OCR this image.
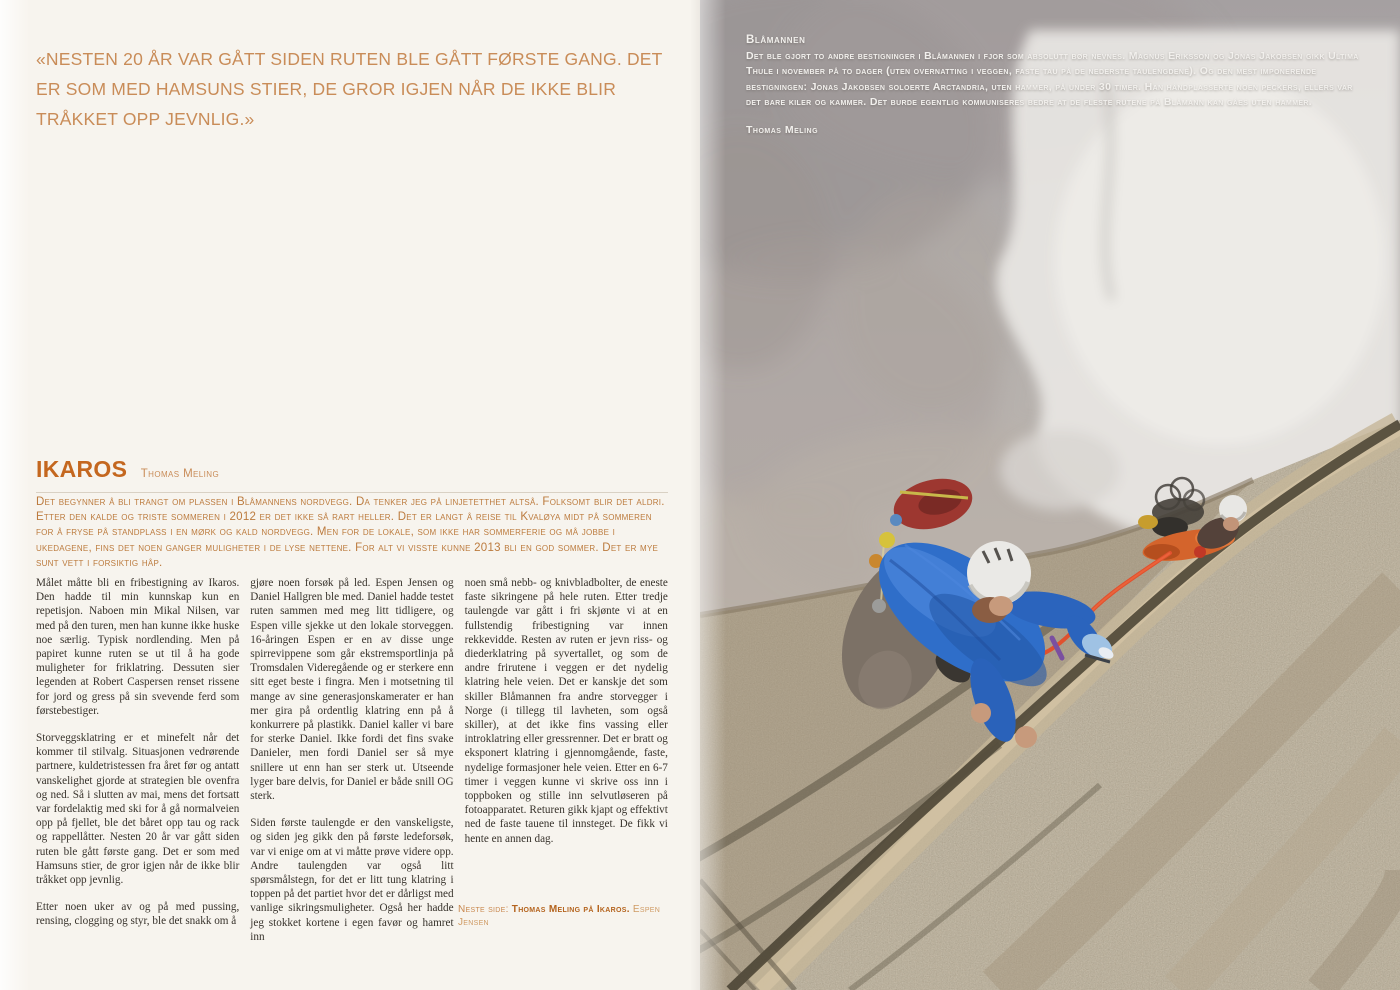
«NESTEN 20 ÅR VAR GÅTT SIDEN RUTEN BLE GÅTT FØRSTE GANG. DET ER SOM MED HAMSUNS STIER, DE GROR IGJEN NÅR DE IKKE BLIR TRÅKKET OPP JEVNLIG.»
IKAROS Thomas Meling
Det begynner å bli trangt om plassen i Blåmannens nordvegg. Da tenker jeg på linjetetthet altså. Folksomt blir det aldri. Etter den kalde og triste sommeren i 2012 er det ikke så rart heller. Det er langt å reise til Kvaløya midt på sommeren for å fryse på standplass i en mørk og kald nordvegg. Men for de lokale, som ikke har sommerferie og må jobbe i ukedagene, fins det noen ganger muligheter i de lyse nettene. For alt vi visste kunne 2013 bli en god sommer. Det er mye sunt vett i forsiktig håp.

Målet måtte bli en fribestigning av Ikaros. Den hadde til min kunnskap kun en repetisjon. Naboen min Mikal Nilsen, var med på den turen, men han kunne ikke huske noe særlig. Typisk nordlending. Men på papiret kunne ruten se ut til å ha gode muligheter for friklatring. Dessuten sier legenden at Robert Caspersen renset rissene for jord og gress på sin svevende ferd som førstebestiger.

Storveggsklatring er et minefelt når det kommer til stilvalg. Situasjonen vedrørende partnere, kuldetristessen fra året før og antatt vanskelighet gjorde at strategien ble ovenfra og ned. Så i slutten av mai, mens det fortsatt var fordelaktig med ski for å gå normalveien opp på fjellet, ble det båret opp tau og rack og rappellåtter. Nesten 20 år var gått siden ruten ble gått første gang. Det er som med Hamsuns stier, de gror igjen når de ikke blir tråkket opp jevnlig.

Etter noen uker av og på med pussing, rensing, clogging og styr, ble det snakk om å

gjøre noen forsøk på led. Espen Jensen og Daniel Hallgren ble med. Daniel hadde testet ruten sammen med meg litt tidligere, og Espen ville sjekke ut den lokale storveggen. 16-åringen Espen er en av disse unge spirrevippene som går ekstremsportlinja på Tromsdalen Videregående og er sterkere enn sitt eget beste i fingra. Men i motsetning til mange av sine generasjonskamerater er han mer gira på ordentlig klatring enn på å konkurrere på plastikk. Daniel kaller vi bare for sterke Daniel. Ikke fordi det fins svake Danieler, men fordi Daniel ser så mye snillere ut enn han ser sterk ut. Utseende lyger bare delvis, for Daniel er både snill OG sterk.

Siden første taulengde er den vanskeligste, og siden jeg gikk den på første ledeforsøk, var vi enige om at vi måtte prøve videre opp. Andre taulengden var også litt spørsmålstegn, for det er litt tung klatring i toppen på det partiet hvor det er dårligst med vanlige sikringsmuligheter. Også her hadde jeg stokket kortene i egen favør og hamret inn

noen små nebb- og knivbladbolter, de eneste faste sikringene på hele ruten. Etter tredje taulengde var gått i fri skjønte vi at en fullstendig fribestigning var innen rekkevidde. Resten av ruten er jevn riss- og diederklatring på syvertallet, og som de andre frirutene i veggen er det nydelig klatring hele veien. Det er kanskje det som skiller Blåmannen fra andre storvegger i Norge (i tillegg til lavheten, som også skiller), at det ikke fins vassing eller introklatring eller gressrenner. Det er bratt og eksponert klatring i gjennomgående, faste, nydelige formasjoner hele veien. Etter en 6-7 timer i veggen kunne vi skrive oss inn i toppboken og stille inn selvutløseren på fotoapparatet. Returen gikk kjapt og effektivt ned de faste tauene til innsteget. De fikk vi hente en annen dag.

Neste side: Thomas Meling på Ikaros. Espen Jensen
Blåmannen
Det ble gjort to andre bestigninger i Blåmannen i fjor som absolutt bør nevnes. Magnus Eriksson og Jonas Jakobsen gikk Ultima Thule i november på to dager (uten overnatting i veggen, faste tau på de nederste taulengdene). Og den mest imponerende bestigningen: Jonas Jakobsen soloerte Arctandria, uten hammer, på under 30 timer. Han håndplasserte noen peckers, ellers var det bare kiler og kammer. Det burde egentlig kommuniseres bedre at de fleste rutene på Blåmann kan gåes uten hammer.
Thomas Meling
